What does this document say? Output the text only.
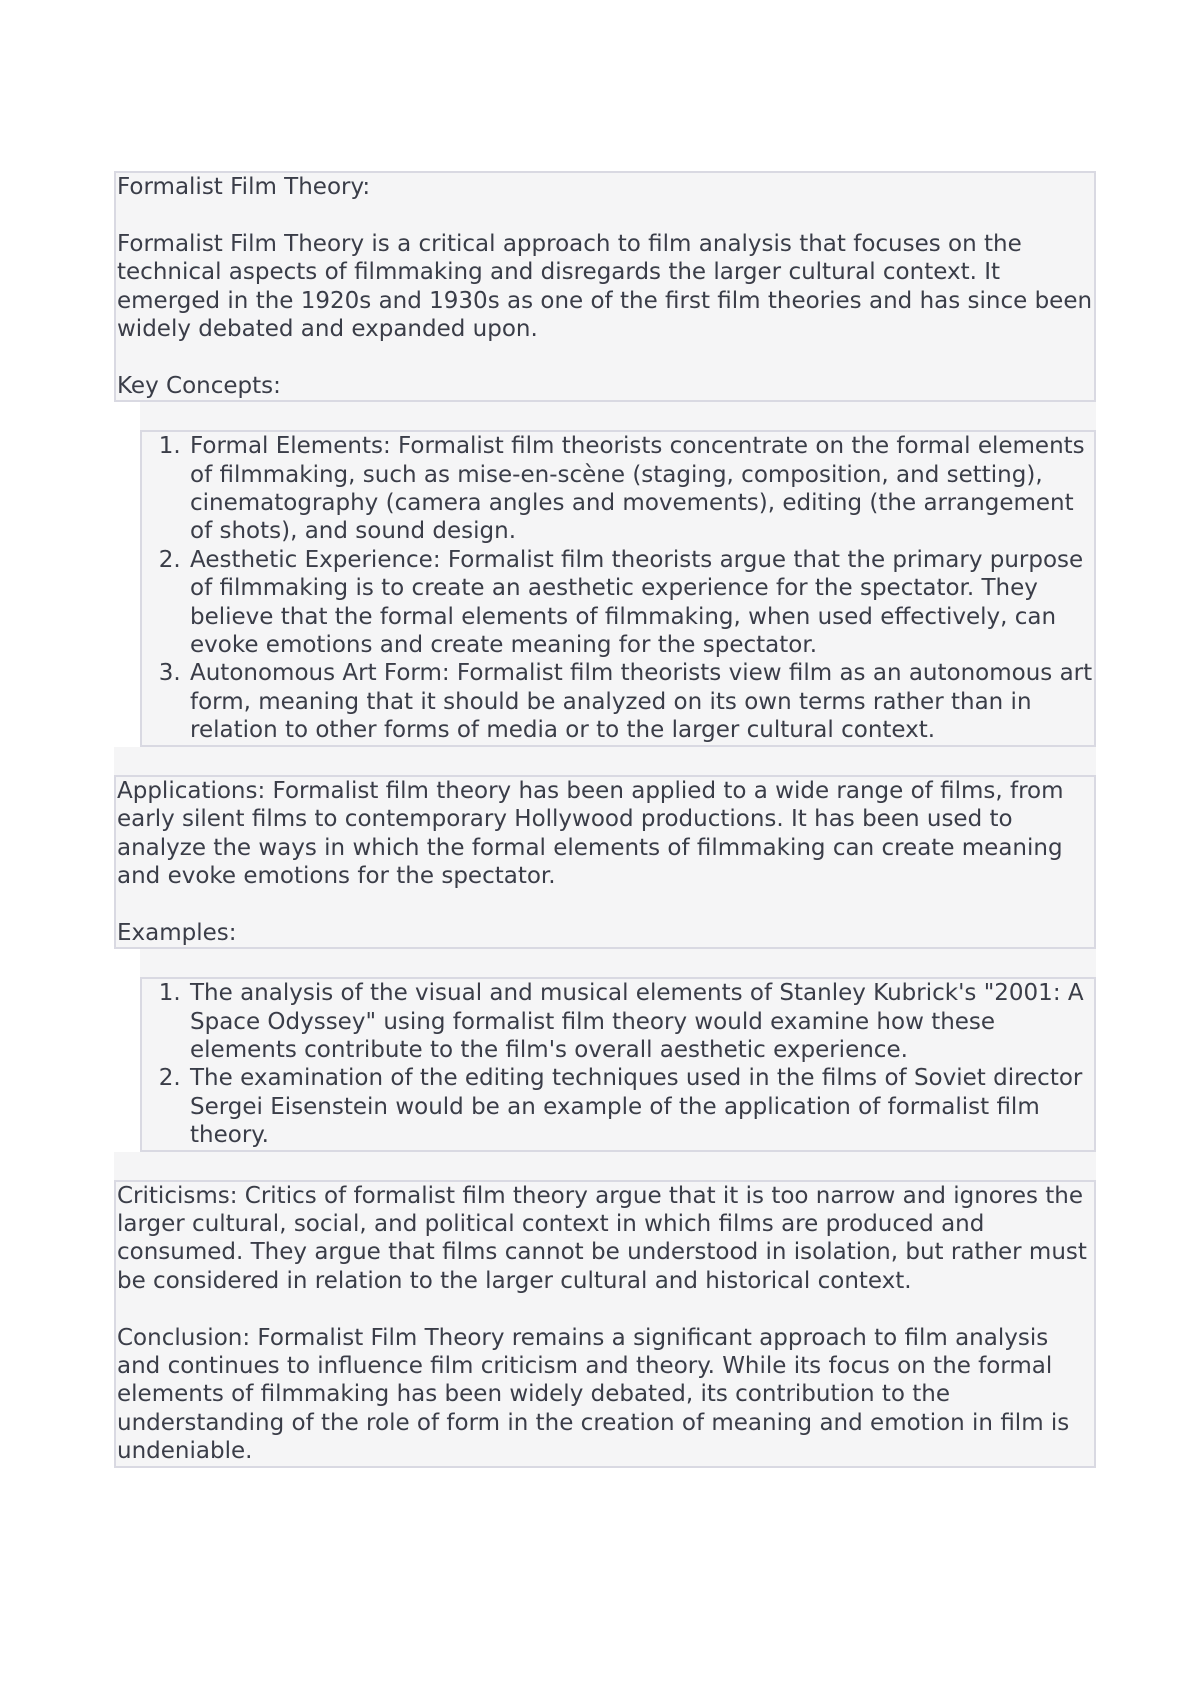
Formalist Film Theory:

Formalist Film Theory is a critical approach to film analysis that focuses on the technical aspects of filmmaking and disregards the larger cultural context. It emerged in the 1920s and 1930s as one of the first film theories and has since been widely debated and expanded upon.

Key Concepts:

1. Formal Elements: Formalist film theorists concentrate on the formal elements of filmmaking, such as mise-en-scène (staging, composition, and setting), cinematography (camera angles and movements), editing (the arrangement of shots), and sound design.
2. Aesthetic Experience: Formalist film theorists argue that the primary purpose of filmmaking is to create an aesthetic experience for the spectator. They believe that the formal elements of filmmaking, when used effectively, can evoke emotions and create meaning for the spectator.
3. Autonomous Art Form: Formalist film theorists view film as an autonomous art form, meaning that it should be analyzed on its own terms rather than in relation to other forms of media or to the larger cultural context.

Applications: Formalist film theory has been applied to a wide range of films, from early silent films to contemporary Hollywood productions. It has been used to analyze the ways in which the formal elements of filmmaking can create meaning and evoke emotions for the spectator.

Examples:

1. The analysis of the visual and musical elements of Stanley Kubrick's "2001: A Space Odyssey" using formalist film theory would examine how these elements contribute to the film's overall aesthetic experience.
2. The examination of the editing techniques used in the films of Soviet director Sergei Eisenstein would be an example of the application of formalist film theory.

Criticisms: Critics of formalist film theory argue that it is too narrow and ignores the larger cultural, social, and political context in which films are produced and consumed. They argue that films cannot be understood in isolation, but rather must be considered in relation to the larger cultural and historical context.

Conclusion: Formalist Film Theory remains a significant approach to film analysis and continues to influence film criticism and theory. While its focus on the formal elements of filmmaking has been widely debated, its contribution to the understanding of the role of form in the creation of meaning and emotion in film is undeniable.
